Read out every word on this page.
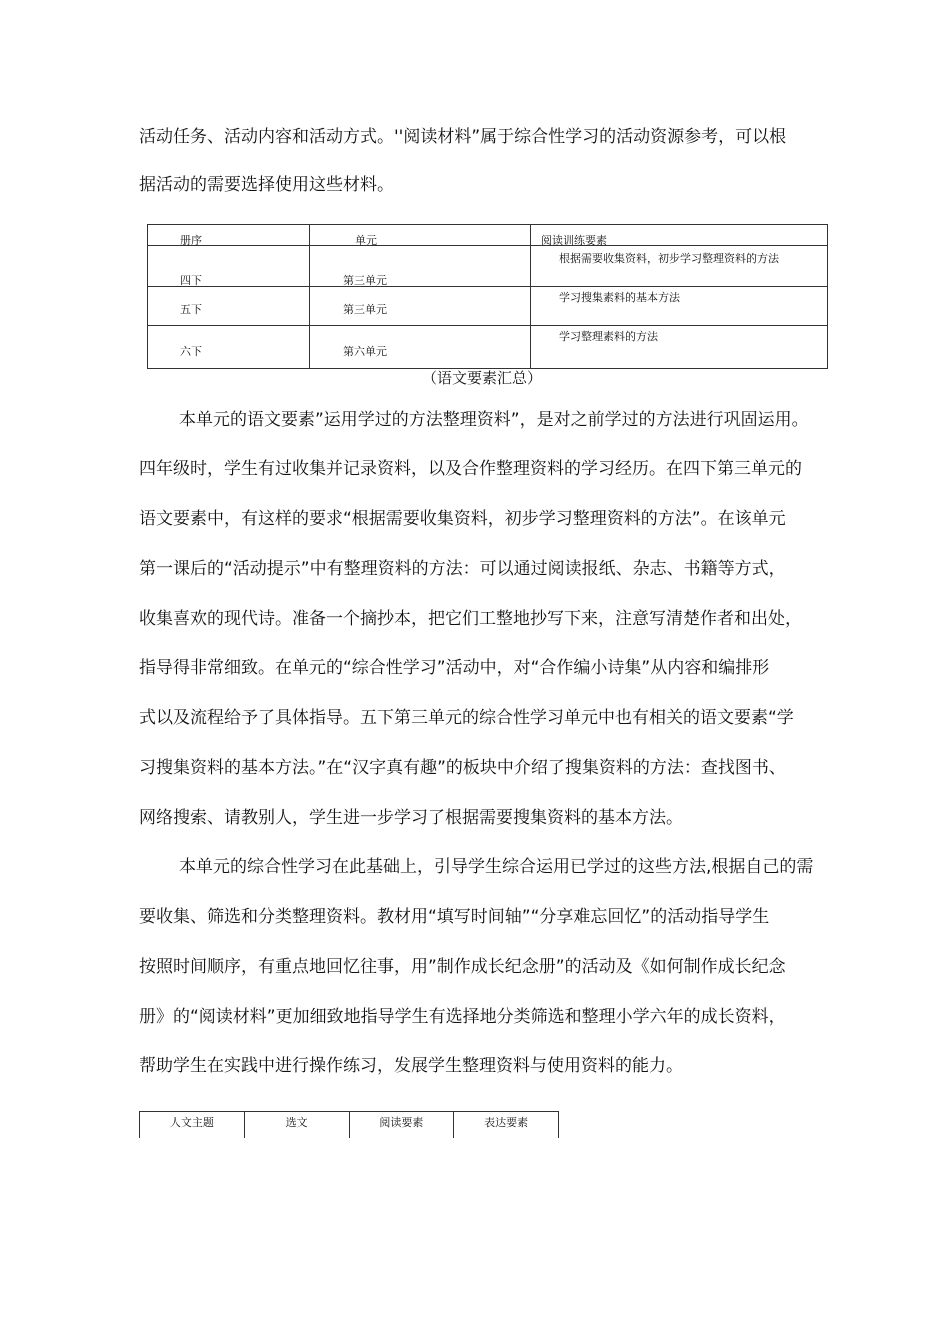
活动任务、活动内容和活动方式。''阅读材料”属于综合性学习的活动资源参考，可以根
据活动的需要选择使用这些材料。
册序	单元	阅读训练要素

四下	第三单元	根据需要收集资料，初步学习整理资料的方法

五下	第三单元	学习搜集素料的基本方法

六下	第六单元	学习整理素料的方法
（语文要素汇总）
本单元的语文要素”运用学过的方法整理资料”，是对之前学过的方法进行巩固运用。
四年级时，学生有过收集并记录资料，以及合作整理资料的学习经历。在四下第三单元的
语文要素中，有这样的要求“根据需要收集资料，初步学习整理资料的方法”。在该单元
第一课后的“活动提示”中有整理资料的方法：可以通过阅读报纸、杂志、书籍等方式，
收集喜欢的现代诗。准备一个摘抄本，把它们工整地抄写下来，注意写清楚作者和出处，
指导得非常细致。在单元的“综合性学习”活动中，对“合作编小诗集”从内容和编排形
式以及流程给予了具体指导。五下第三单元的综合性学习单元中也有相关的语文要素“学
习搜集资料的基本方法。”在“汉字真有趣”的板块中介绍了搜集资料的方法：查找图书、
网络搜索、请教别人，学生进一步学习了根据需要搜集资料的基本方法。
本单元的综合性学习在此基础上，引导学生综合运用已学过的这些方法,根据自己的需
要收集、筛选和分类整理资料。教材用“填写时间轴”“分享难忘回忆”的活动指导学生
按照时间顺序，有重点地回忆往事，用”制作成长纪念册”的活动及《如何制作成长纪念
册》的“阅读材料”更加细致地指导学生有选择地分类筛选和整理小学六年的成长资料，
帮助学生在实践中进行操作练习，发展学生整理资料与使用资料的能力。
人文主题	选文	阅读要素	表达要素
